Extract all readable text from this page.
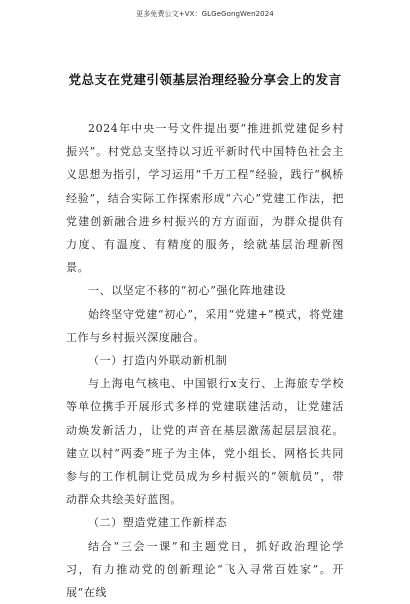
更多免费公文+VX：GLGeGongWen2024
党总支在党建引领基层治理经验分享会上的发言

2024年中央一号文件提出要“推进抓党建促乡村振兴”。村党总支坚持以习近平新时代中国特色社会主义思想为指引，学习运用“千万工程”经验，践行“枫桥经验”，结合实际工作探索形成“六心”党建工作法，把党建创新融合进乡村振兴的方方面面，为群众提供有力度、有温度、有精度的服务，绘就基层治理新图景。

一、以坚定不移的“初心”强化阵地建设

始终坚守党建“初心”，采用“党建+”模式，将党建工作与乡村振兴深度融合。

（一）打造内外联动新机制

与上海电气核电、中国银行x支行、上海旅专学校等单位携手开展形式多样的党建联建活动，让党建活动焕发新活力，让党的声音在基层激荡起层层浪花。建立以村“两委”班子为主体，党小组长、网格长共同参与的工作机制让党员成为乡村振兴的“领航员”，带动群众共绘美好蓝图。

（二）塑造党建工作新样态

结合“三会一课”和主题党日，抓好政治理论学习，有力推动党的创新理论“飞入寻常百姓家”。开展“在线
